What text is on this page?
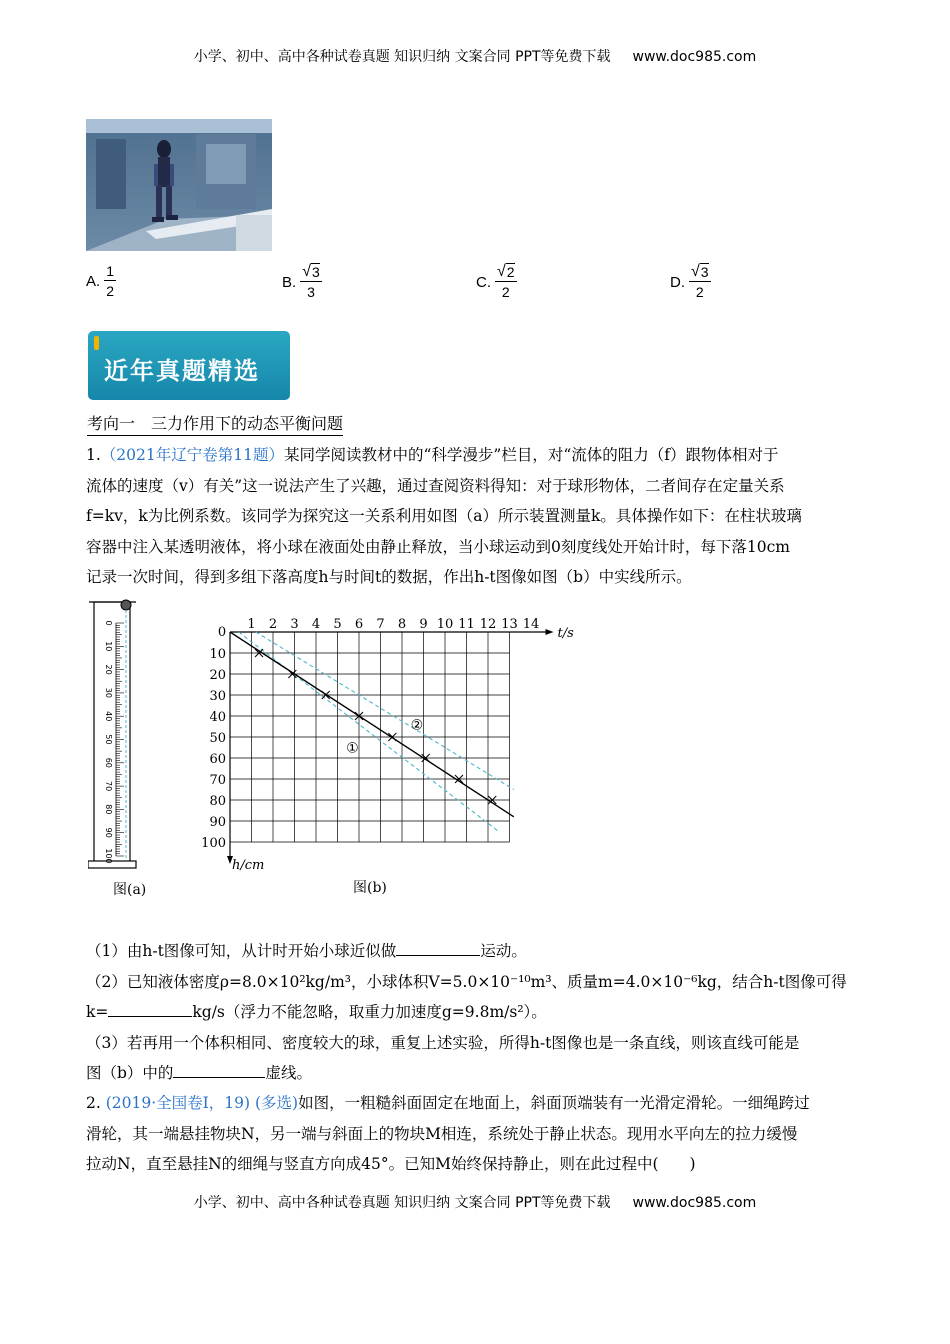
小学、初中、高中各种试卷真题 知识归纳 文案合同 PPT等免费下载 www.doc985.com
A. $\frac{1}{2}$	B. $\frac{√ 3}{3}$	C. $\frac{√ 2}{2}$	D. $\frac{√ 3}{2}$
近年真题精选
考向一　三力作用下的动态平衡问题
1.（2021年辽宁卷第11题）某同学阅读教材中的“科学漫步”栏目，对“流体的阻力（f）跟物体相对于
流体的速度（v）有关”这一说法产生了兴趣，通过查阅资料得知：对于球形物体，二者间存在定量关系
f=kv，k为比例系数。该同学为探究这一关系利用如图（a）所示装置测量k。具体操作如下：在柱状玻璃
容器中注入某透明液体，将小球在液面处由静止释放，当小球运动到0刻度线处开始计时，每下落10cm
记录一次时间，得到多组下落高度h与时间t的数据，作出h-t图像如图（b）中实线所示。
0
10
20
30
40
50
60
70
80
90
100
图(a)
0
1 2 3 4 5 6 7 8 9 10 11 12 13 14
10
20
30
40
50
60
70
80
90
100
t/s
h/cm
①
②
图(b)
（1）由h-t图像可知，从计时开始小球近似做	运动。
（2）已知液体密度ρ=8.0×10²kg/m³，小球体积V=5.0×10⁻¹⁰m³、质量m=4.0×10⁻⁶kg，结合h-t图像可得
k=	kg/s（浮力不能忽略，取重力加速度g=9.8m/s²）。
（3）若再用一个体积相同、密度较大的球，重复上述实验，所得h-t图像也是一条直线，则该直线可能是
图（b）中的	虚线。
2. (2019·全国卷Ⅰ，19) (多选)如图，一粗糙斜面固定在地面上，斜面顶端装有一光滑定滑轮。一细绳跨过
滑轮，其一端悬挂物块N，另一端与斜面上的物块M相连，系统处于静止状态。现用水平向左的拉力缓慢
拉动N，直至悬挂N的细绳与竖直方向成45°。已知M始终保持静止，则在此过程中(　　)
小学、初中、高中各种试卷真题 知识归纳 文案合同 PPT等免费下载 www.doc985.com
